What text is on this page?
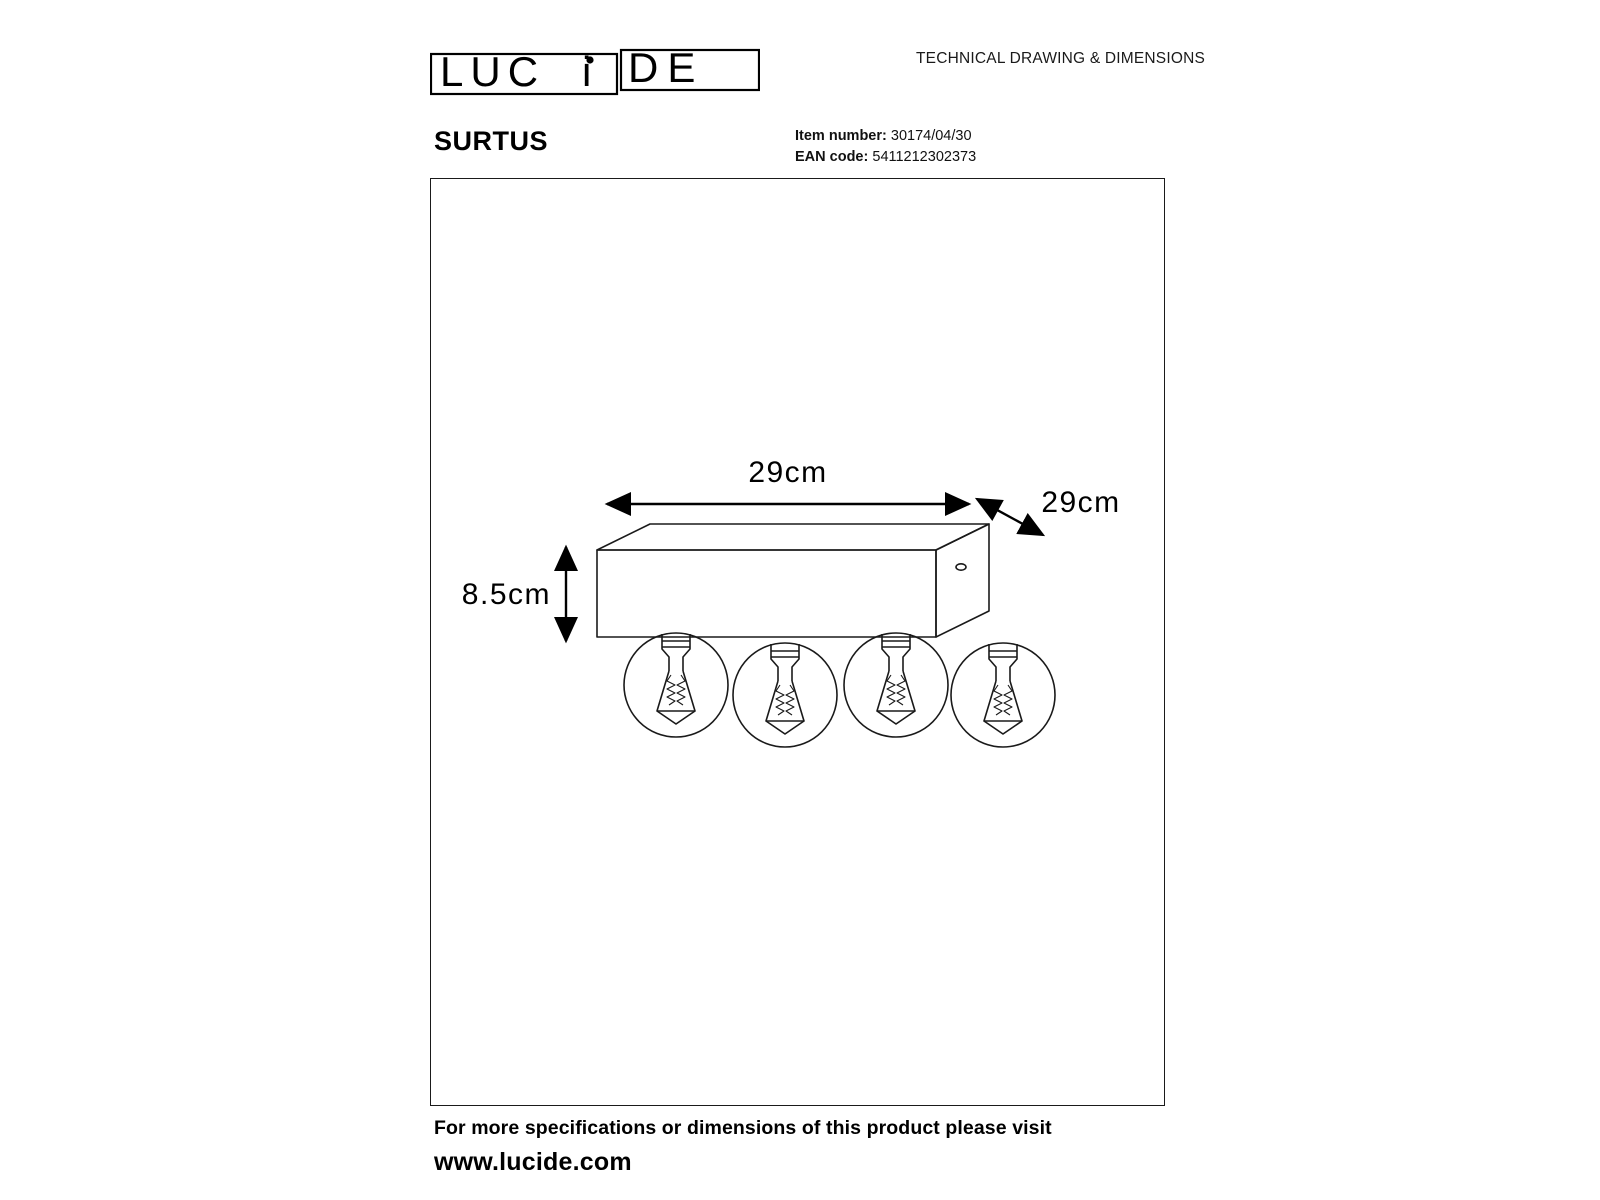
LUC i DE	TECHNICAL DRAWING & DIMENSIONS
SURTUS	Item number: 30174/04/30
EAN code: 5411212302373
29cm
29cm
8.5cm
For more specifications or dimensions of this product please visit
www.lucide.com
